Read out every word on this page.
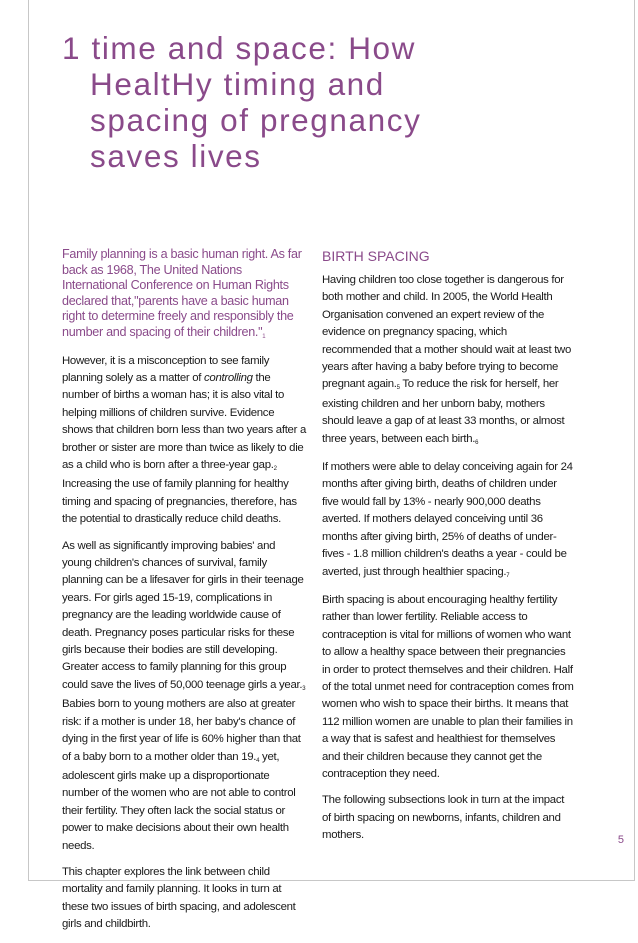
1 time and space: How
HealtHy timing and
spacing of pregnancy
saves lives

Family planning is a basic human right. As far back as 1968, The United Nations International Conference on Human Rights declared that,"parents have a basic human right to determine freely and responsibly the number and spacing of their $children."_1$

However, it is a misconception to see family planning solely as a matter of controlling the number of births a woman has; it is also vital to helping millions of children survive. Evidence shows that children born less than two years after a brother or sister are more than twice as likely to die as a child who is born after a three-year $gap._2$ Increasing the use of family planning for healthy timing and spacing of pregnancies, therefore, has the potential to drastically reduce child deaths.

As well as significantly improving babies' and young children's chances of survival, family planning can be a lifesaver for girls in their teenage years. For girls aged 15-19, complications in pregnancy are the leading worldwide cause of death. Pregnancy poses particular risks for these girls because their bodies are still developing. Greater access to family planning for this group could save the lives of 50,000 teenage girls a $year._3$ Babies born to young mothers are also at greater risk: if a mother is under 18, her baby's chance of dying in the first year of life is 60% higher than that of a baby born to a mother older than $19._4$ yet, adolescent girls make up a disproportionate number of the women who are not able to control their fertility. They often lack the social status or power to make decisions about their own health needs.

This chapter explores the link between child mortality and family planning. It looks in turn at these two issues of birth spacing, and adolescent girls and childbirth.

BIRTH SPACING

Having children too close together is dangerous for both mother and child. In 2005, the World Health Organisation convened an expert review of the evidence on pregnancy spacing, which recommended that a mother should wait at least two years after having a baby before trying to become pregnant $again._5$ To reduce the risk for herself, her existing children and her unborn baby, mothers should leave a gap of at least 33 months, or almost three years, between each $birth._6$

If mothers were able to delay conceiving again for 24 months after giving birth, deaths of children under five would fall by 13% - nearly 900,000 deaths averted. If mothers delayed conceiving until 36 months after giving birth, 25% of deaths of under-fives - 1.8 million children's deaths a year - could be averted, just through healthier $spacing._7$

Birth spacing is about encouraging healthy fertility rather than lower fertility. Reliable access to contraception is vital for millions of women who want to allow a healthy space between their pregnancies in order to protect themselves and their children. Half of the total unmet need for contraception comes from women who wish to space their births. It means that 112 million women are unable to plan their families in a way that is safest and healthiest for themselves and their children because they cannot get the contraception they need.

The following subsections look in turn at the impact of birth spacing on newborns, infants, children and mothers.	5
